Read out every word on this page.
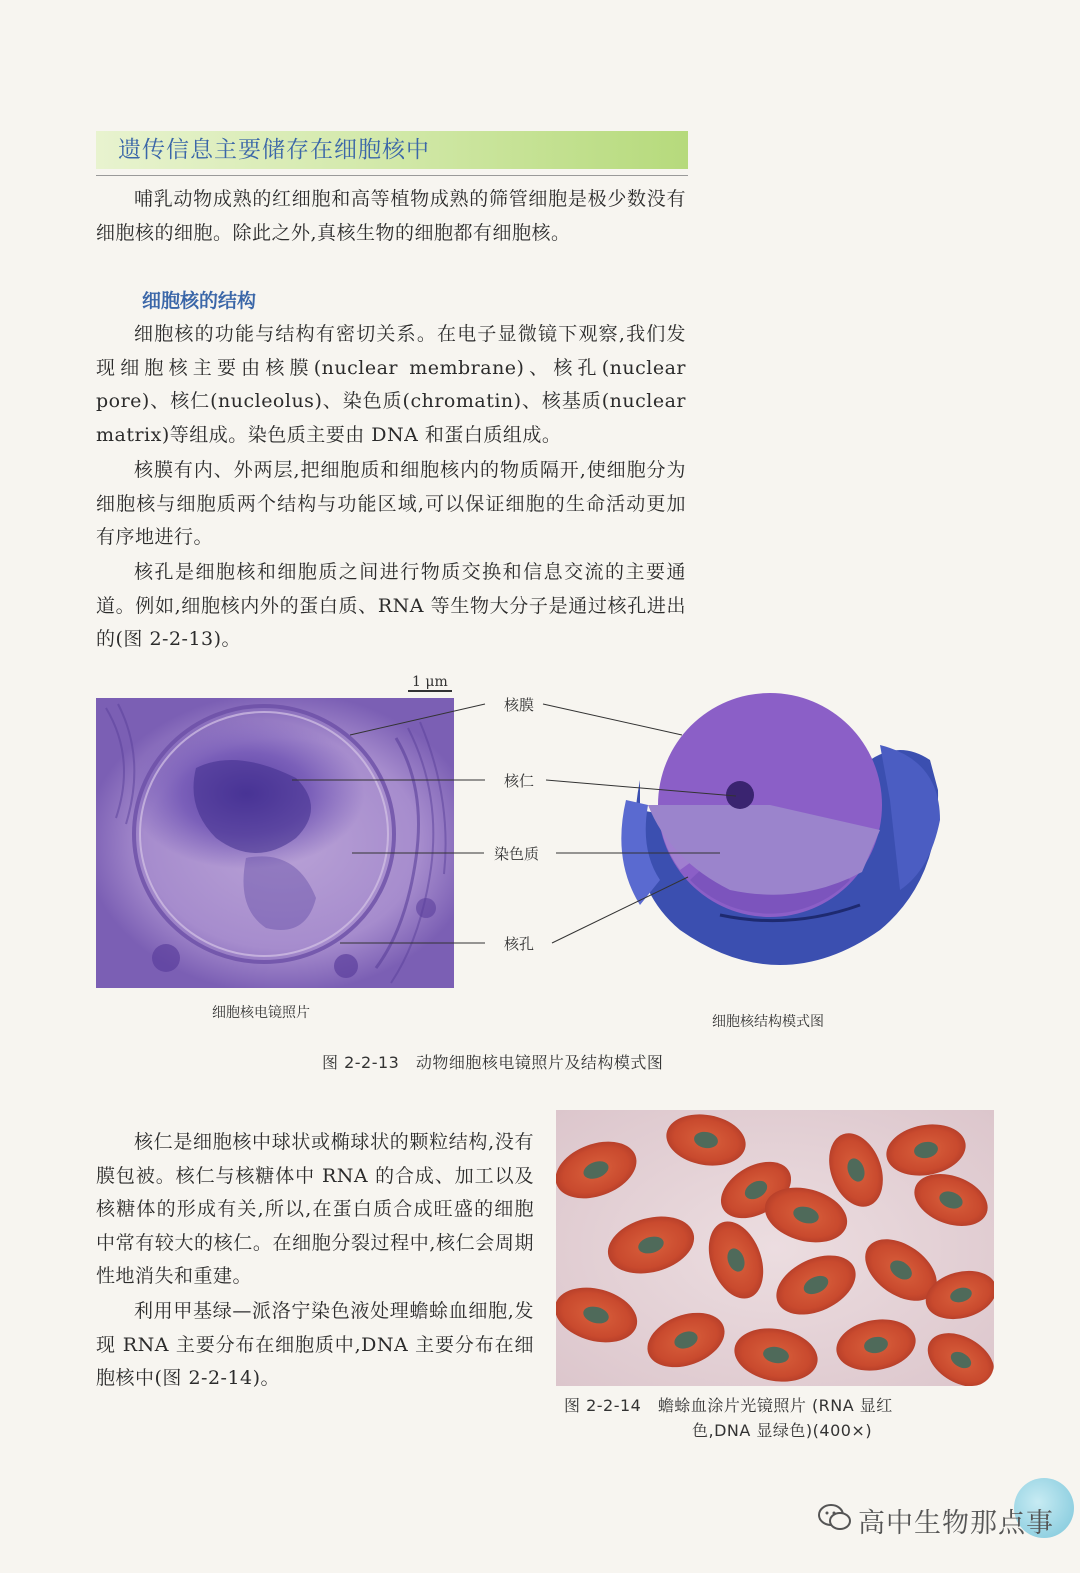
遗传信息主要储存在细胞核中

哺乳动物成熟的红细胞和高等植物成熟的筛管细胞是极少数没有细胞核的细胞。除此之外,真核生物的细胞都有细胞核。

细胞核的结构

细胞核的功能与结构有密切关系。在电子显微镜下观察,我们发现细胞核主要由核膜(nuclear membrane)、核孔(nuclear pore)、核仁(nucleolus)、染色质(chromatin)、核基质(nuclear matrix)等组成。染色质主要由 DNA 和蛋白质组成。

核膜有内、外两层,把细胞质和细胞核内的物质隔开,使细胞分为细胞核与细胞质两个结构与功能区域,可以保证细胞的生命活动更加有序地进行。

核孔是细胞核和细胞质之间进行物质交换和信息交流的主要通道。例如,细胞核内外的蛋白质、RNA 等生物大分子是通过核孔进出的(图 2-2-13)。

1 μm
核膜
核仁
染色质
核孔
细胞核电镜照片
细胞核结构模式图
图 2-2-13　动物细胞核电镜照片及结构模式图

核仁是细胞核中球状或椭球状的颗粒结构,没有膜包被。核仁与核糖体中 RNA 的合成、加工以及核糖体的形成有关,所以,在蛋白质合成旺盛的细胞中常有较大的核仁。在细胞分裂过程中,核仁会周期性地消失和重建。

利用甲基绿—派洛宁染色液处理蟾蜍血细胞,发现 RNA 主要分布在细胞质中,DNA 主要分布在细胞核中(图 2-2-14)。

图 2-2-14　蟾蜍血涂片光镜照片 (RNA 显红
色,DNA 显绿色)(400×)
高中生物那点事
